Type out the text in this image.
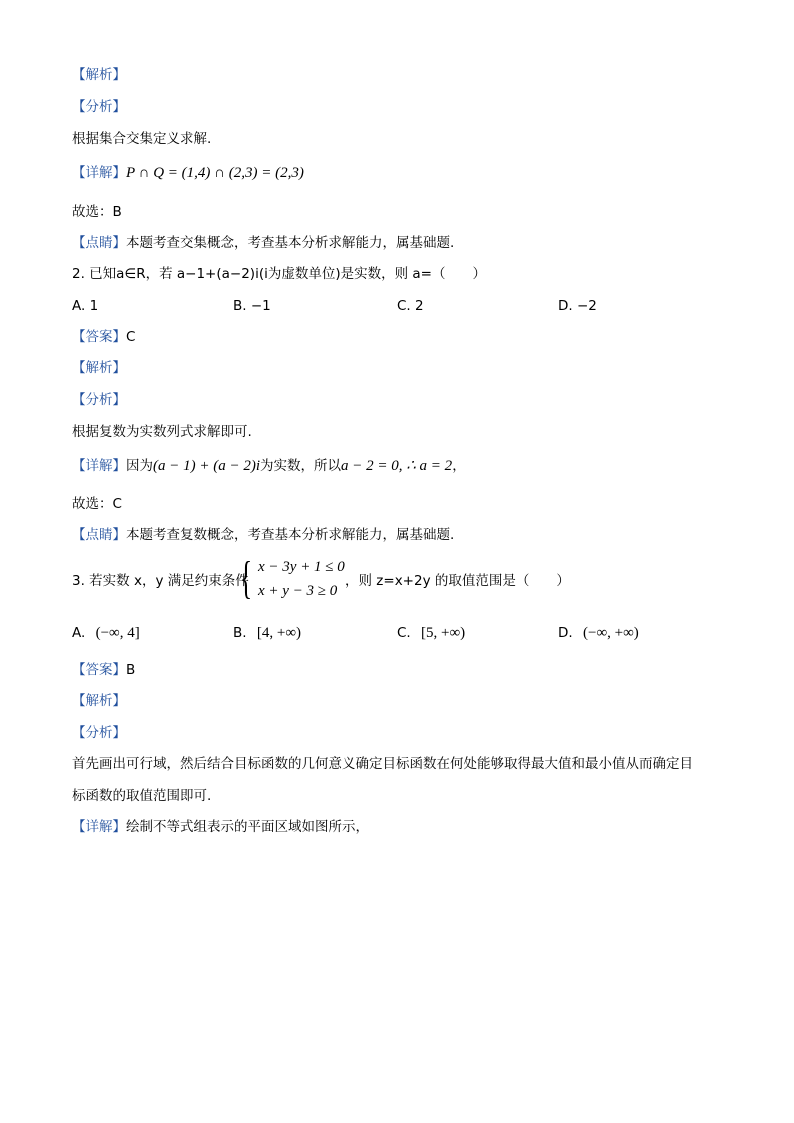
【解析】
【分析】
根据集合交集定义求解.
【详解】P ∩ Q = (1,4) ∩ (2,3) = (2,3)
故选：B
【点睛】本题考查交集概念，考查基本分析求解能力，属基础题.
2. 已知a∈R，若 a−1+(a−2)i(i为虚数单位)是实数，则 a=（　　）
A. 1	B. −1	C. 2	D. −2
【答案】C
【解析】
【分析】
根据复数为实数列式求解即可.
【详解】因为(a − 1) + (a − 2)i为实数，所以a − 2 = 0, ∴ a = 2，
故选：C
【点睛】本题考查复数概念，考查基本分析求解能力，属基础题.
3. 若实数 x，y 满足约束条件
{ x − 3y + 1 ≤ 0
x + y − 3 ≥ 0
，则 z=x+2y 的取值范围是（　　）
A. (−∞, 4]	B. [4, +∞)	C. [5, +∞)	D. (−∞, +∞)
【答案】B
【解析】
【分析】
首先画出可行域，然后结合目标函数的几何意义确定目标函数在何处能够取得最大值和最小值从而确定目
标函数的取值范围即可.
【详解】绘制不等式组表示的平面区域如图所示，
